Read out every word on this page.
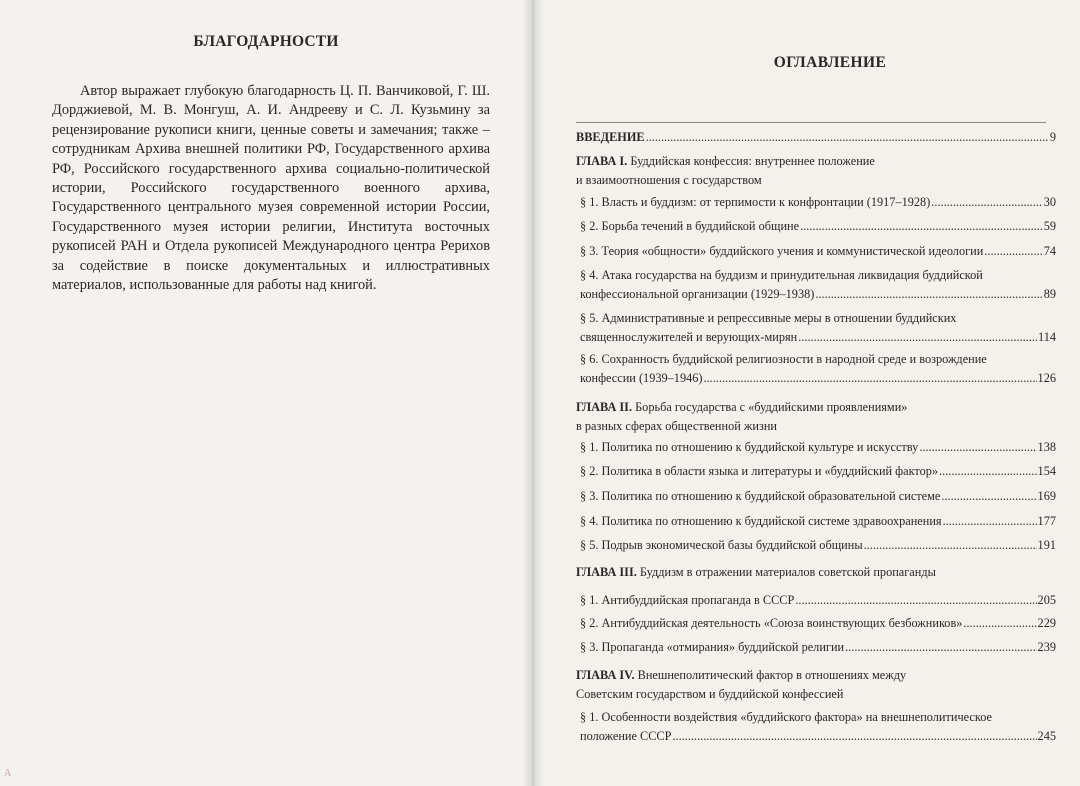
БЛАГОДАРНОСТИ

Автор выражает глубокую благодарность Ц. П. Ванчиковой, Г. Ш. Дорджиевой, М. В. Монгуш, А. И. Андрееву и С. Л. Кузьмину за рецензирование рукописи книги, ценные советы и замечания; также – сотрудникам Архива внешней политики РФ, Государственного архива РФ, Российского государственного архива социально-политической истории, Российского государственного военного архива, Государственного центрального музея современной истории России, Государственного музея истории религии, Института восточных рукописей РАН и Отдела рукописей Международного центра Рерихов за содействие в поиске документальных и иллюстративных материалов, использованные для работы над книгой.

А
ОГЛАВЛЕНИЕ
ВВЕДЕНИЕ .....	9
ГЛАВА I. Буддийская конфессия: внутреннее положение
и взаимоотношения с государством
§ 1. Власть и буддизм: от терпимости к конфронтации (1917–1928) .....	30
§ 2. Борьба течений в буддийской общине .....	59
§ 3. Теория «общности» буддийского учения и коммунистической идеологии .....	74
§ 4. Атака государства на буддизм и принудительная ликвидация буддийской
конфессиональной организации (1929–1938) .....	89
§ 5. Административные и репрессивные меры в отношении буддийских
священнослужителей и верующих-мирян .....	114
§ 6. Сохранность буддийской религиозности в народной среде и возрождение
конфессии (1939–1946) .....	126
ГЛАВА II. Борьба государства с «буддийскими проявлениями»
в разных сферах общественной жизни
§ 1. Политика по отношению к буддийской культуре и искусству .....	138
§ 2. Политика в области языка и литературы и «буддийский фактор» .....	154
§ 3. Политика по отношению к буддийской образовательной системе .....	169
§ 4. Политика по отношению к буддийской системе здравоохранения .....	177
§ 5. Подрыв экономической базы буддийской общины .....	191
ГЛАВА III. Буддизм в отражении материалов советской пропаганды
§ 1. Антибуддийская пропаганда в СССР .....	205
§ 2. Антибуддийская деятельность «Союза воинствующих безбожников» .....	229
§ 3. Пропаганда «отмирания» буддийской религии .....	239
ГЛАВА IV. Внешнеполитический фактор в отношениях между
Советским государством и буддийской конфессией
§ 1. Особенности воздействия «буддийского фактора» на внешнеполитическое
положение СССР .....	245
